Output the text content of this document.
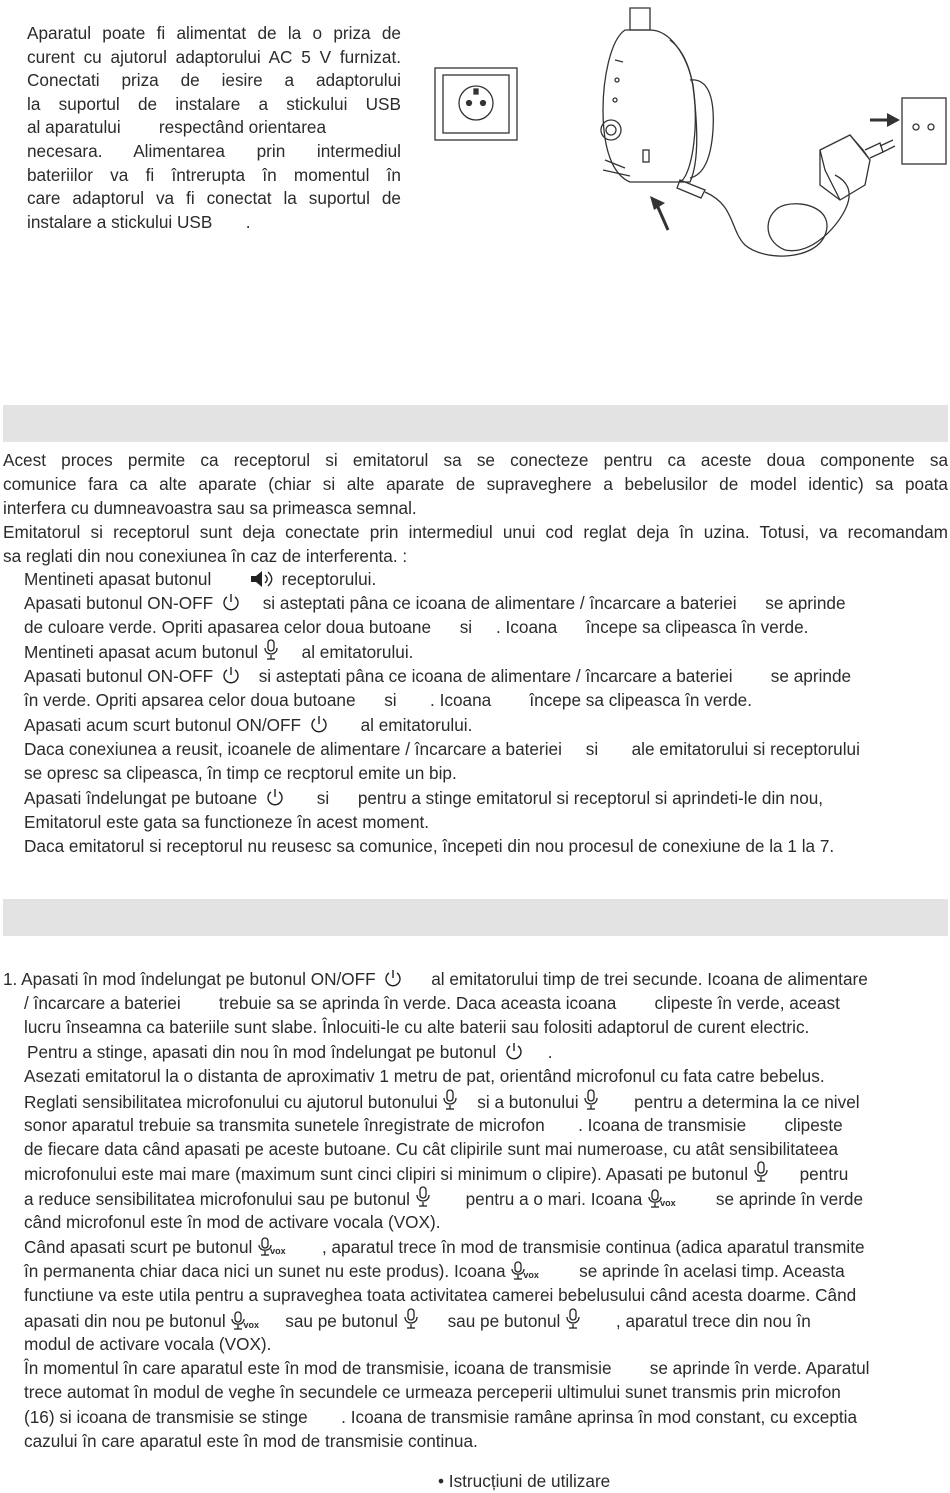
Aparatul poate fi alimentat de la o priza de
curent cu ajutorul adaptorului AC 5 V furnizat.
Conectati priza de iesire a adaptorului
la suportul de instalare a stickului USB
al aparatului        respectând orientarea
necesara. Alimentarea prin intermediul
bateriilor va fi întrerupta în momentul în
care adaptorul va fi conectat la suportul de
instalare a stickului USB       .
Acest proces permite ca receptorul si emitatorul sa se conecteze pentru ca aceste doua componente sa
comunice fara ca alte aparate (chiar si alte aparate de supraveghere a bebelusilor de model identic) sa poata
interfera cu dumneavoastra sau sa primeasca semnal.
Emitatorul si receptorul sunt deja conectate prin intermediul unui cod reglat deja în uzina. Totusi, va recomandam
sa reglati din nou conexiunea în caz de interferenta. :
Mentineti apasat butonul	receptorului.
Apasati butonul ON-OFF	si asteptati pâna ce icoana de alimentare / încarcare a bateriei      se aprinde
de culoare verde. Opriti apasarea celor doua butoane      si     . Icoana      începe sa clipeasca în verde.
Mentineti apasat acum butonul	al emitatorului.
Apasati butonul ON-OFF	si asteptati pâna ce icoana de alimentare / încarcare a bateriei        se aprinde
în verde. Opriti apsarea celor doua butoane      si       . Icoana        începe sa clipeasca în verde.
Apasati acum scurt butonul ON/OFF	al emitatorului.
Daca conexiunea a reusit, icoanele de alimentare / încarcare a bateriei     si       ale emitatorului si receptorului
se opresc sa clipeasca, în timp ce recptorul emite un bip.
Apasati îndelungat pe butoane	si      pentru a stinge emitatorul si receptorul si aprindeti-le din nou,
Emitatorul este gata sa functioneze în acest moment.
Daca emitatorul si receptorul nu reusesc sa comunice, începeti din nou procesul de conexiune de la 1 la 7.
1. Apasati în mod îndelungat pe butonul ON/OFF	al emitatorului timp de trei secunde. Icoana de alimentare
/ încarcare a bateriei        trebuie sa se aprinda în verde. Daca aceasta icoana        clipeste în verde, aceast
lucru înseamna ca bateriile sunt slabe. Înlocuiti-le cu alte baterii sau folositi adaptorul de curent electric.
Pentru a stinge, apasati din nou în mod îndelungat pe butonul	.
Asezati emitatorul la o distanta de aproximativ 1 metru de pat, orientând microfonul cu fata catre bebelus.
Reglati sensibilitatea microfonului cu ajutorul butonului si a butonului	pentru a determina la ce nivel
sonor aparatul trebuie sa transmita sunetele înregistrate de microfon       . Icoana de transmisie        clipeste
de fiecare data când apasati pe aceste butoane. Cu cât clipirile sunt mai numeroase, cu atât sensibilitateea
microfonului este mai mare (maximum sunt cinci clipiri si minimum o clipire). Apasati pe butonul	pentru
a reduce sensibilitatea microfonului sau pe butonul	pentru a o mari. Icoana vox se aprinde în verde
când microfonul este în mod de activare vocala (VOX).
Când apasati scurt pe butonul vox , aparatul trece în mod de transmisie continua (adica aparatul transmite
în permanenta chiar daca nici un sunet nu este produs). Icoana vox se aprinde în acelasi timp. Aceasta
functiune va este utila pentru a supraveghea toata activitatea camerei bebelusului când acesta doarme. Când
apasati din nou pe butonul vox sau pe butonul	sau pe butonul	, aparatul trece din nou în
modul de activare vocala (VOX).
În momentul în care aparatul este în mod de transmisie, icoana de transmisie        se aprinde în verde. Aparatul
trece automat în modul de veghe în secundele ce urmeaza perceperii ultimului sunet transmis prin microfon
(16) si icoana de transmisie se stinge       . Icoana de transmisie ramâne aprinsa în mod constant, cu exceptia
cazului în care aparatul este în mod de transmisie continua.
• Istrucțiuni de utilizare
